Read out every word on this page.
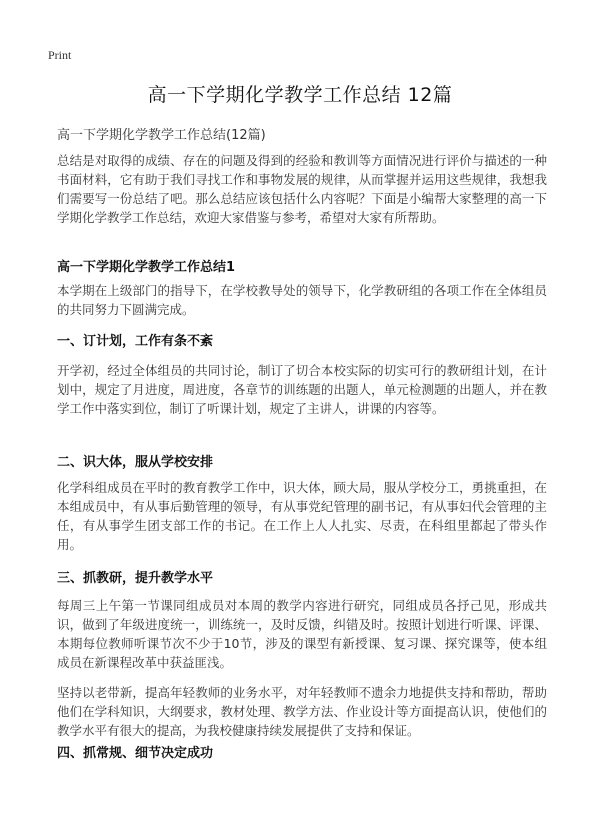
Print
高一下学期化学教学工作总结 12篇
高一下学期化学教学工作总结(12篇)

总结是对取得的成绩、存在的问题及得到的经验和教训等方面情况进行评价与描述的一种书面材料，它有助于我们寻找工作和事物发展的规律，从而掌握并运用这些规律，我想我们需要写一份总结了吧。那么总结应该包括什么内容呢？下面是小编帮大家整理的高一下学期化学教学工作总结，欢迎大家借鉴与参考，希望对大家有所帮助。

高一下学期化学教学工作总结1

本学期在上级部门的指导下，在学校教导处的领导下，化学教研组的各项工作在全体组员的共同努力下圆满完成。

一、订计划，工作有条不紊

开学初，经过全体组员的共同讨论，制订了切合本校实际的切实可行的教研组计划，在计划中，规定了月进度，周进度，各章节的训练题的出题人，单元检测题的出题人，并在教学工作中落实到位，制订了听课计划，规定了主讲人，讲课的内容等。

二、识大体，服从学校安排

化学科组成员在平时的教育教学工作中，识大体，顾大局，服从学校分工，勇挑重担，在本组成员中，有从事后勤管理的领导，有从事党纪管理的副书记，有从事妇代会管理的主任，有从事学生团支部工作的书记。在工作上人人扎实、尽责，在科组里都起了带头作用。

三、抓教研，提升教学水平

每周三上午第一节课同组成员对本周的教学内容进行研究，同组成员各抒己见，形成共识，做到了年级进度统一，训练统一，及时反馈，纠错及时。按照计划进行听课、评课、本期每位教师听课节次不少于10节，涉及的课型有新授课、复习课、探究课等，使本组成员在新课程改革中获益匪浅。

坚持以老带新，提高年轻教师的业务水平，对年轻教师不遗余力地提供支持和帮助，帮助他们在学科知识，大纲要求，教材处理、教学方法、作业设计等方面提高认识，使他们的教学水平有很大的提高，为我校健康持续发展提供了支持和保证。

四、抓常规、细节决定成功
